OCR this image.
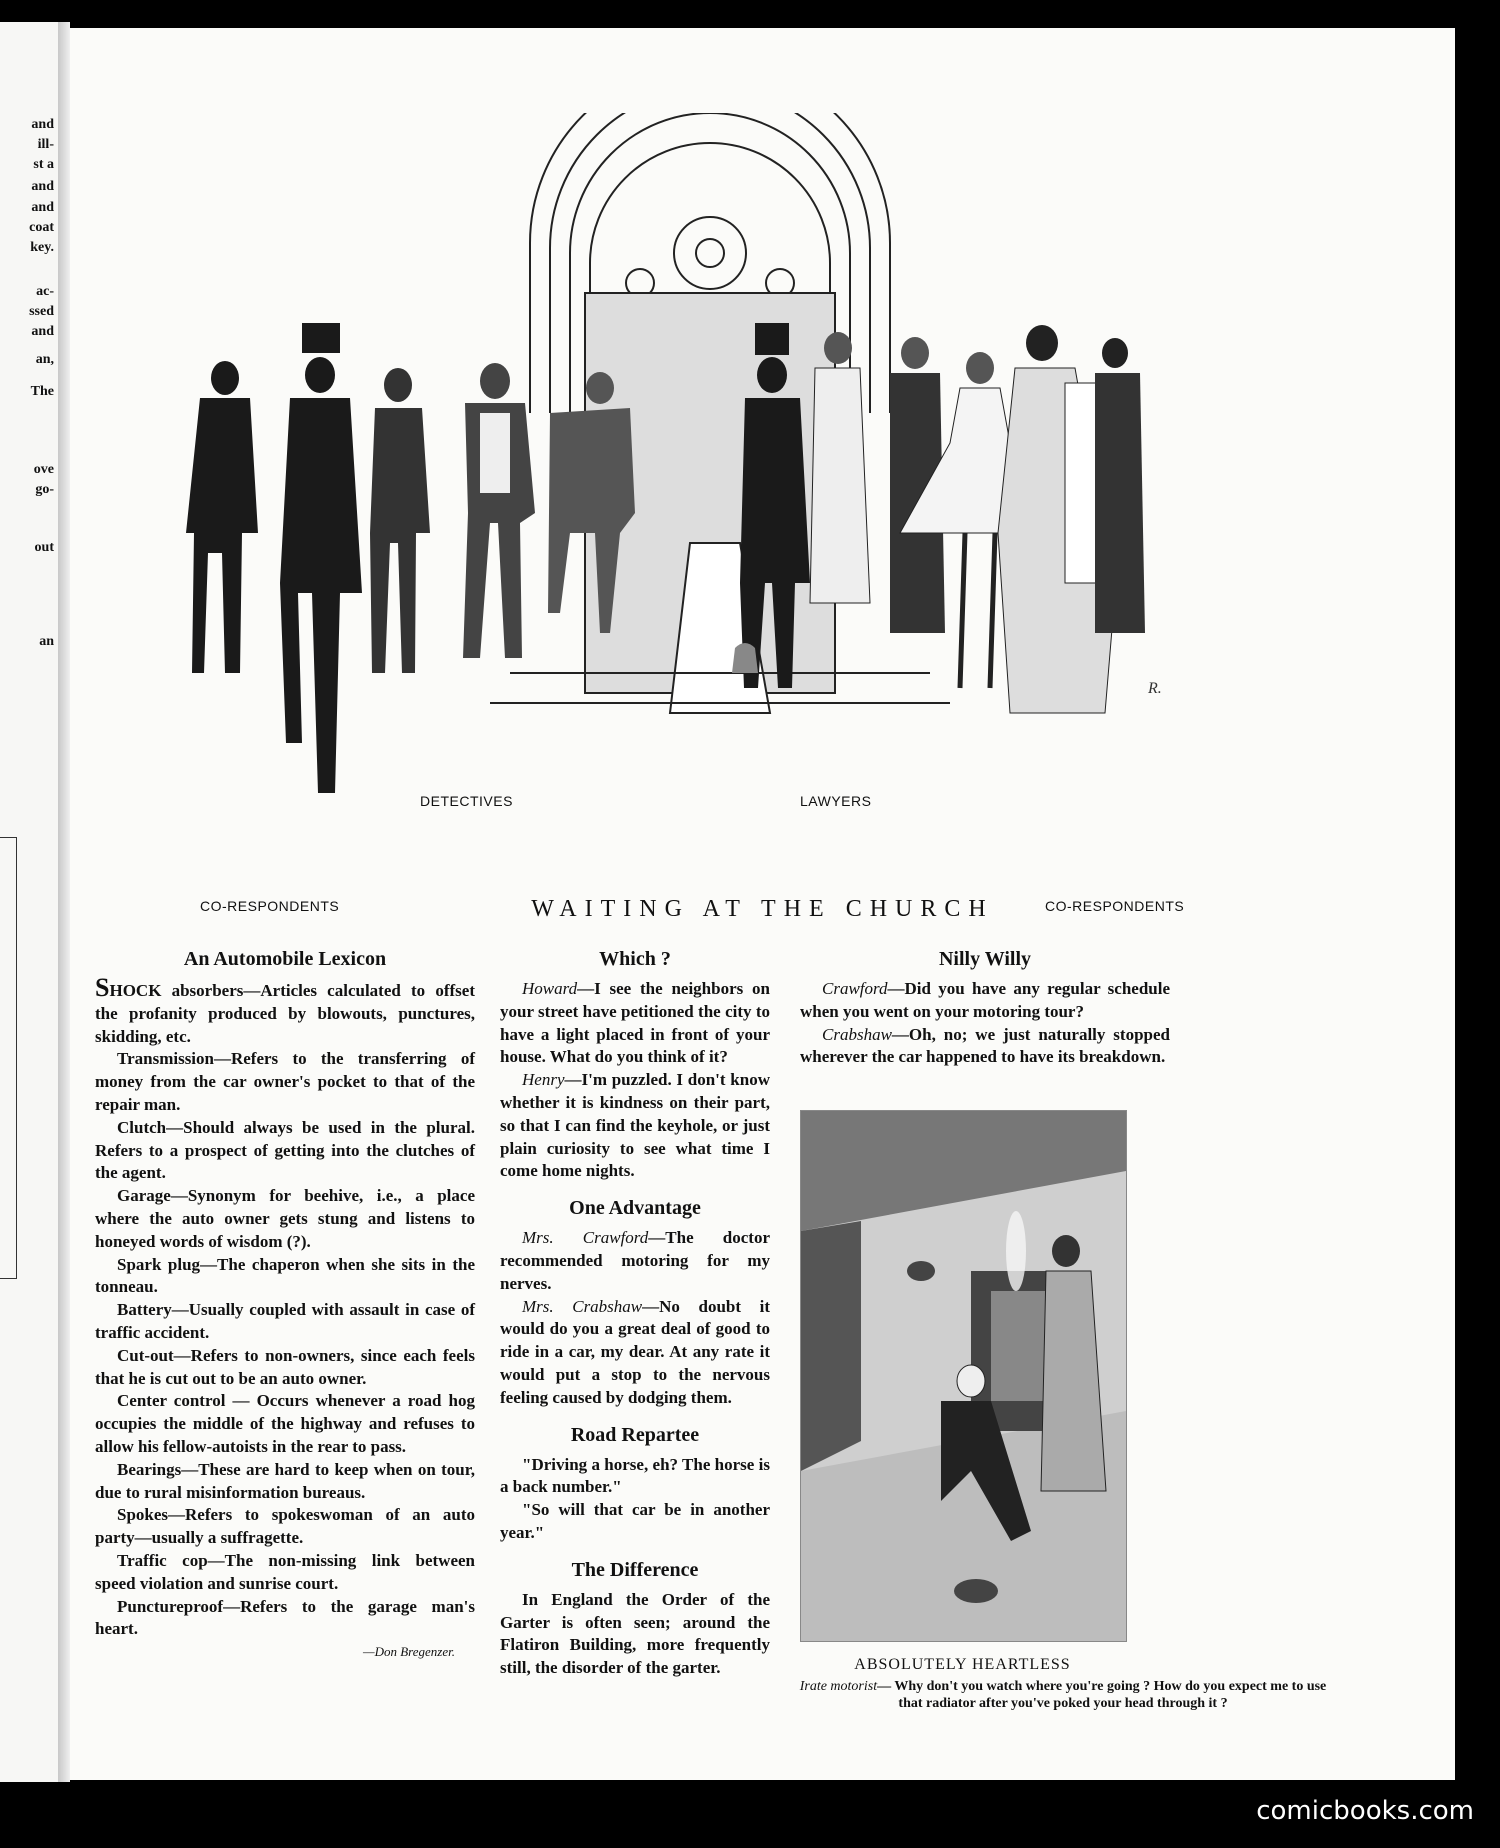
and
ill-
st a
and
and
coat
key.
ac-
ssed
and
an,
The
ove
go-
out
an
R.
DETECTIVES	LAWYERS
CO-RESPONDENTS	CO-RESPONDENTS
WAITING AT THE CHURCH
An Automobile Lexicon

SHOCK absorbers—Articles calculated to offset the profanity produced by blowouts, punctures, skidding, etc.

Transmission—Refers to the transferring of money from the car owner's pocket to that of the repair man.

Clutch—Should always be used in the plural. Refers to a prospect of getting into the clutches of the agent.

Garage—Synonym for beehive, i.e., a place where the auto owner gets stung and listens to honeyed words of wisdom (?).

Spark plug—The chaperon when she sits in the tonneau.

Battery—Usually coupled with assault in case of traffic accident.

Cut-out—Refers to non-owners, since each feels that he is cut out to be an auto owner.

Center control — Occurs whenever a road hog occupies the middle of the highway and refuses to allow his fellow-autoists in the rear to pass.

Bearings—These are hard to keep when on tour, due to rural misinformation bureaus.

Spokes—Refers to spokeswoman of an auto party—usually a suffragette.

Traffic cop—The non-missing link between speed violation and sunrise court.

Punctureproof—Refers to the garage man's heart.

—Don Bregenzer.

Which ?

Howard—I see the neighbors on your street have petitioned the city to have a light placed in front of your house. What do you think of it?

Henry—I'm puzzled. I don't know whether it is kindness on their part, so that I can find the keyhole, or just plain curiosity to see what time I come home nights.

One Advantage

Mrs. Crawford—The doctor recommended motoring for my nerves.

Mrs. Crabshaw—No doubt it would do you a great deal of good to ride in a car, my dear. At any rate it would put a stop to the nervous feeling caused by dodging them.

Road Repartee

"Driving a horse, eh? The horse is a back number."

"So will that car be in another year."

The Difference

In England the Order of the Garter is often seen; around the Flatiron Building, more frequently still, the disorder of the garter.

Nilly Willy

Crawford—Did you have any regular schedule when you went on your motoring tour?

Crabshaw—Oh, no; we just naturally stopped wherever the car happened to have its breakdown.

ABSOLUTELY HEARTLESS
Irate motorist— Why don't you watch where you're going ? How do you expect me to use that radiator after you've poked your head through it ?
comicbooks.com
